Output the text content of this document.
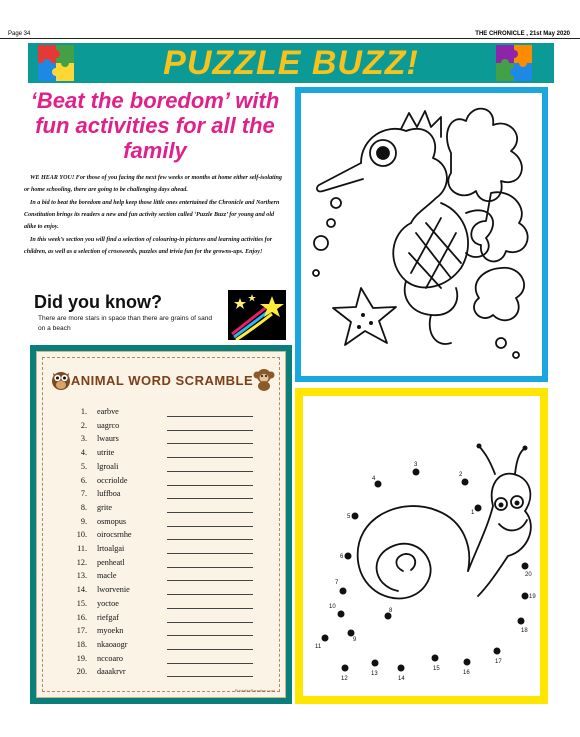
Page 34	THE CHRONICLE , 21st May 2020
PUZZLE BUZZ!
‘Beat the boredom’ with fun activities for all the family

WE HEAR YOU! For those of you facing the next few weeks or months at home either self-isolating or home schooling, there are going to be challenging days ahead.

In a bid to beat the boredom and help keep those little ones entertained the Chronicle and Northern Constitution brings its readers a new and fun activity section called ‘Puzzle Buzz’ for young and old alike to enjoy.

In this week’s section you will find a selection of colouring-in pictures and learning activities for children, as well as a selection of crosswords, puzzles and trivia fun for the growns-ups. Enjoy!

Did you know?
There are more stars in space than there are grains of sand on a beach
1
2
3
4
5
6
7
8
9
10
11
12
13
14
15
16
17
18
19
20
ANIMAL WORD SCRAMBLE
1. earbve
2. uagrco
3. lwaurs
4. utrite
5. lgroali
6. occriolde
7. luffboa
8. grite
9. osmopus
10. oirocsrnhe
11. lrtoalgai
12. penheatl
13. macle
14. lworvenie
15. yoctoe
16. riefgaf
17. myoekn
18. nkaoaogr
19. nccoaro
20. daaakrvr
PrintableParadise.com
